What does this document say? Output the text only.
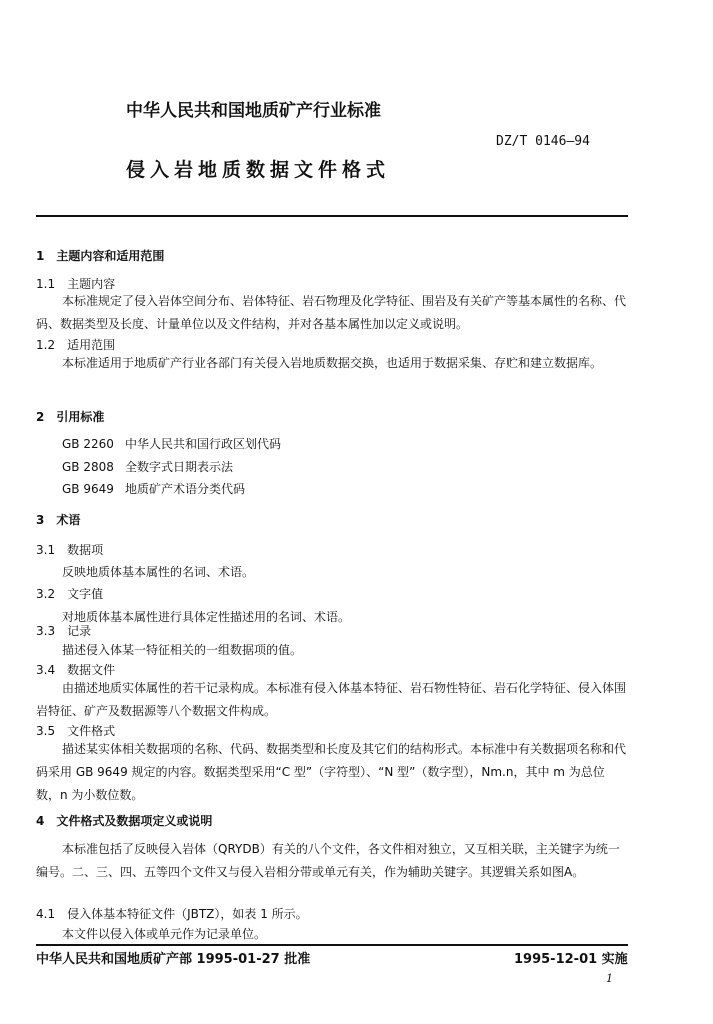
中华人民共和国地质矿产行业标准
DZ/T 0146—94
侵入岩地质数据文件格式
1　主题内容和适用范围
1.1　主题内容
本标准规定了侵入岩体空间分布、岩体特征、岩石物理及化学特征、围岩及有关矿产等基本属性的名称、代码、数据类型及长度、计量单位以及文件结构，并对各基本属性加以定义或说明。
1.2　适用范围
本标准适用于地质矿产行业各部门有关侵入岩地质数据交换，也适用于数据采集、存贮和建立数据库。
2　引用标准
GB 2260 中华人民共和国行政区划代码
GB 2808 全数字式日期表示法
GB 9649 地质矿产术语分类代码
3　术语
3.1　数据项
反映地质体基本属性的名词、术语。
3.2　文字值
对地质体基本属性进行具体定性描述用的名词、术语。
3.3　记录
描述侵入体某一特征相关的一组数据项的值。
3.4　数据文件
由描述地质实体属性的若干记录构成。本标准有侵入体基本特征、岩石物性特征、岩石化学特征、侵入体围岩特征、矿产及数据源等八个数据文件构成。
3.5　文件格式
描述某实体相关数据项的名称、代码、数据类型和长度及其它们的结构形式。本标准中有关数据项名称和代码采用 GB 9649 规定的内容。数据类型采用“C 型”（字符型）、“N 型”（数字型），Nm.n，其中 m 为总位数，n 为小数位数。
4　文件格式及数据项定义或说明
本标准包括了反映侵入岩体（QRYDB）有关的八个文件，各文件相对独立，又互相关联，主关键字为统一编号。二、三、四、五等四个文件又与侵入岩相分带或单元有关，作为辅助关键字。其逻辑关系如图A。
4.1　侵入体基本特征文件（JBTZ），如表 1 所示。
本文件以侵入体或单元作为记录单位。
中华人民共和国地质矿产部 1995-01-27 批准	1995-12-01 实施
1
